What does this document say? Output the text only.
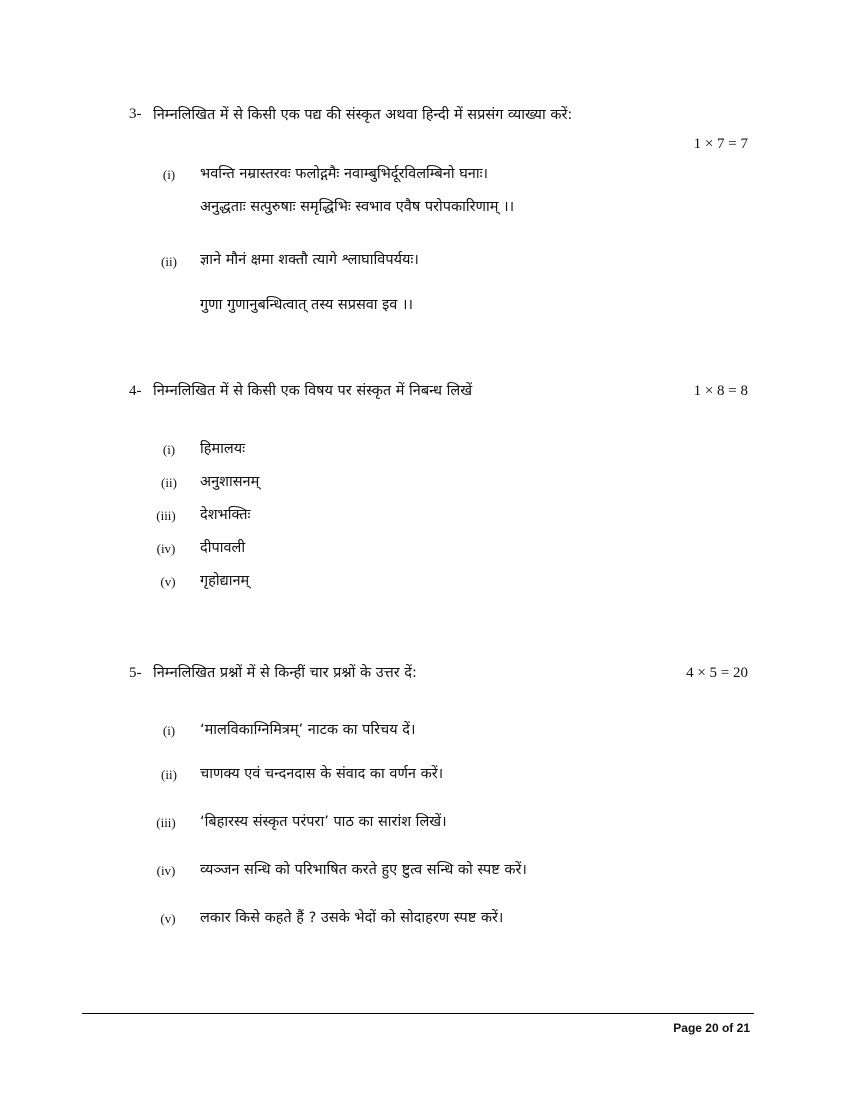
3- निम्नलिखित में से किसी एक पद्य की संस्कृत अथवा हिन्दी में सप्रसंग व्याख्या करें:
1 × 7 = 7
(i)	भवन्ति नम्रास्तरवः फलोद्गमैः नवाम्बुभिर्दूरविलम्बिनो घनाः।
अनुद्धताः सत्पुरुषाः समृद्धिभिः स्वभाव एवैष परोपकारिणाम् ।।
(ii)	ज्ञाने मौनं क्षमा शक्तौ त्यागे श्लाघाविपर्ययः।
गुणा गुणानुबन्धित्वात् तस्य सप्रसवा इव ।।
4- निम्नलिखित में से किसी एक विषय पर संस्कृत में निबन्ध लिखें	1 × 8 = 8
(i)	हिमालयः
(ii)	अनुशासनम्
(iii)	देशभक्तिः
(iv)	दीपावली
(v)	गृहोद्यानम्
5- निम्नलिखित प्रश्नों में से किन्हीं चार प्रश्नों के उत्तर दें:	4 × 5 = 20
(i)	‘मालविकाग्निमित्रम्’ नाटक का परिचय दें।
(ii)	चाणक्य एवं चन्दनदास के संवाद का वर्णन करें।
(iii)	‘बिहारस्य संस्कृत परंपरा’ पाठ का सारांश लिखें।
(iv)	व्यञ्जन सन्धि को परिभाषित करते हुए ष्टुत्व सन्धि को स्पष्ट करें।
(v)	लकार किसे कहते हैं ? उसके भेदों को सोदाहरण स्पष्ट करें।
Page 20 of 21
